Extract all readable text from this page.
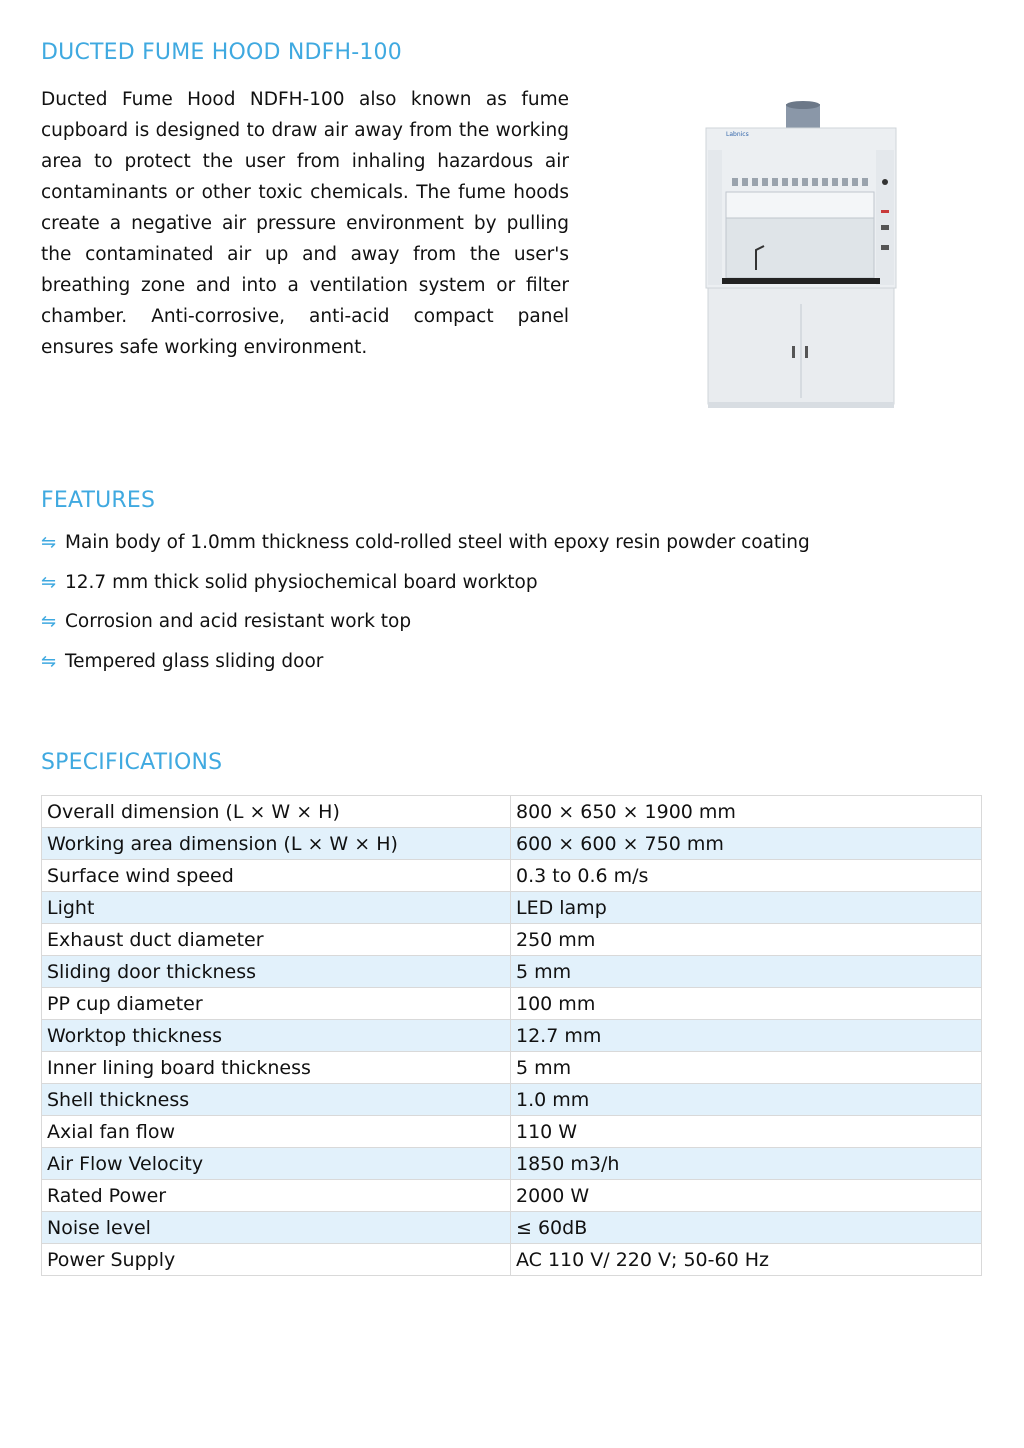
DUCTED FUME HOOD NDFH-100

Ducted Fume Hood NDFH-100 also known as fume cupboard is designed to draw air away from the working area to protect the user from inhaling hazardous air contaminants or other toxic chemicals. The fume hoods create a negative air pressure environment by pulling the contaminated air up and away from the user's breathing zone and into a ventilation system or filter chamber. Anti-corrosive, anti-acid compact panel ensures safe working environment.

Labnics
FEATURES
⇋ Main body of 1.0mm thickness cold-rolled steel with epoxy resin powder coating
⇋ 12.7 mm thick solid physiochemical board worktop
⇋ Corrosion and acid resistant work top
⇋ Tempered glass sliding door
SPECIFICATIONS
Overall dimension (L × W × H)	800 × 650 × 1900 mm
Working area dimension (L × W × H)	600 × 600 × 750 mm
Surface wind speed	0.3 to 0.6 m/s
Light	LED lamp
Exhaust duct diameter	250 mm
Sliding door thickness	5 mm
PP cup diameter	100 mm
Worktop thickness	12.7 mm
Inner lining board thickness	5 mm
Shell thickness	1.0 mm
Axial fan flow	110 W
Air Flow Velocity	1850 m3/h
Rated Power	2000 W
Noise level	≤ 60dB
Power Supply	AC 110 V/ 220 V; 50-60 Hz
